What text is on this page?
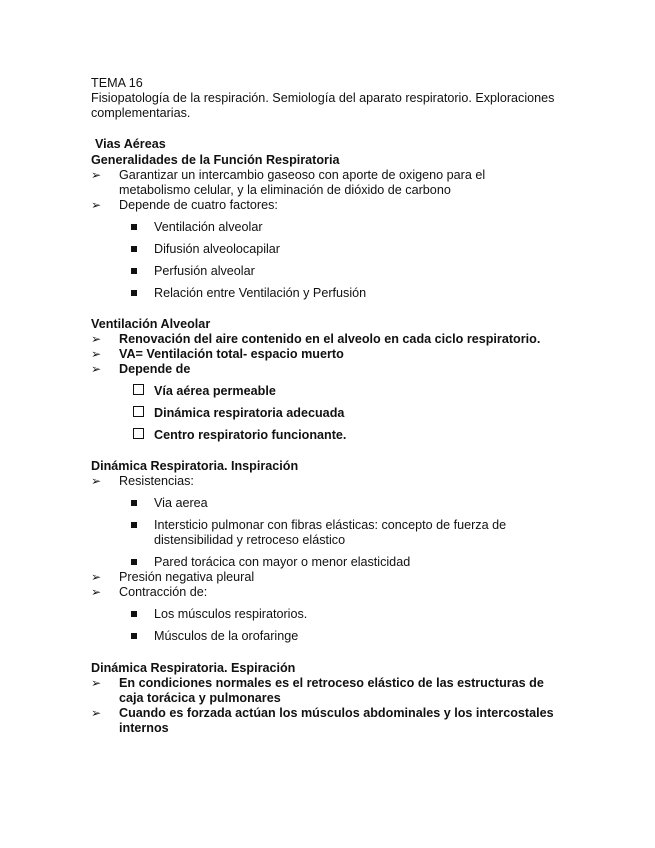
TEMA 16
Fisiopatología de la respiración. Semiología del aparato respiratorio. Exploraciones complementarias.
Vias Aéreas
Generalidades de la Función Respiratoria
➢ Garantizar un intercambio gaseoso con aporte de oxigeno para el metabolismo celular, y la eliminación de dióxido de carbono
➢ Depende de cuatro factores:
Ventilación alveolar
Difusión alveolocapilar
Perfusión alveolar
Relación entre Ventilación y Perfusión
Ventilación Alveolar
➢ Renovación del aire contenido en el alveolo en cada ciclo respiratorio.
➢ VA= Ventilación total- espacio muerto
➢ Depende de
Vía aérea permeable
Dinámica respiratoria adecuada
Centro respiratorio funcionante.
Dinámica Respiratoria. Inspiración
➢ Resistencias:
Via aerea
Intersticio pulmonar con fibras elásticas: concepto de fuerza de distensibilidad y retroceso elástico
Pared torácica con mayor o menor elasticidad
➢ Presión negativa pleural
➢ Contracción de:
Los músculos respiratorios.
Músculos de la orofaringe
Dinámica Respiratoria. Espiración
➢ En condiciones normales es el retroceso elástico de las estructuras de caja torácica y pulmonares
➢ Cuando es forzada actúan los músculos abdominales y los intercostales internos
